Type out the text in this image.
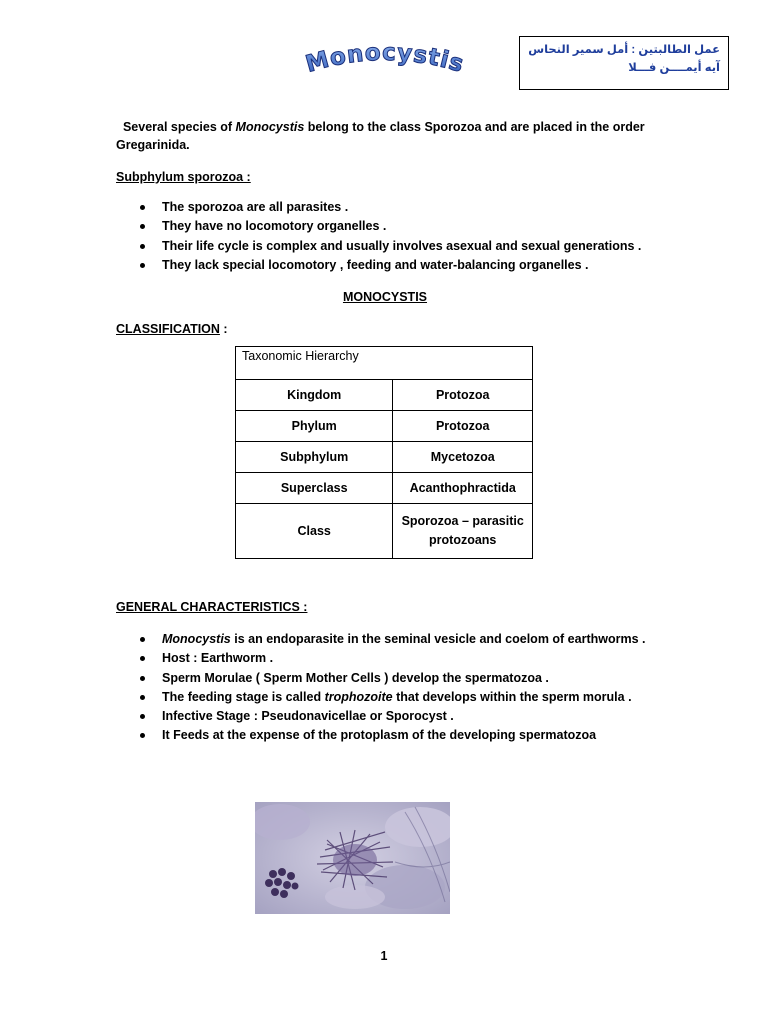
Monocystis	عمل الطالبتين : أمل سمير النحاس
آيه أيمــــن فـــلا
Several species of Monocystis belong to the class Sporozoa and are placed in the order Gregarinida.
Subphylum sporozoa :
The sporozoa are all parasites .
They have no locomotory organelles .
Their life cycle is complex and usually involves asexual and sexual generations .
They lack special locomotory , feeding and water-balancing organelles .
MONOCYSTIS
CLASSIFICATION :
Taxonomic Hierarchy	
Kingdom	Protozoa
Phylum	Protozoa
Subphylum	Mycetozoa
Superclass	Acanthophractida
Class	Sporozoa – parasitic protozoans
GENERAL CHARACTERISTICS :
Monocystis is an endoparasite in the seminal vesicle and coelom of earthworms .
Host : Earthworm .
Sperm Morulae ( Sperm Mother Cells ) develop the spermatozoa .
The feeding stage is called trophozoite that develops within the sperm morula .
Infective Stage : Pseudonavicellae or Sporocyst .
It Feeds at the expense of the protoplasm of the developing spermatozoa
1
